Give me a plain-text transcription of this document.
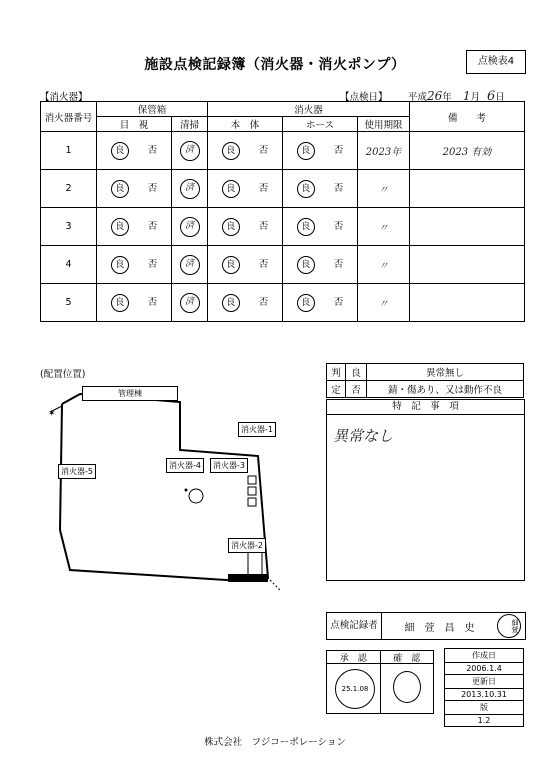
施設点検記録簿（消火器・消火ポンプ）	点検表4
【消火器】	【点検日】 平成26年 1月 6日
消火器番号	保管箱		消火器			備　　考
	目　視	清掃	本　体	ホース	使用期限	
1	良 否	済	良 否	良 否	2023年	2023 有効
2	良 否	済	良 否	良 否	〃	
3	良 否	済	良 否	良 否	〃	
4	良 否	済	良 否	良 否	〃	
5	良 否	済	良 否	良 否	〃	
(配置位置)
✶
管理棟
消火器-1
消火器-4	消火器-3
消火器-5
消火器-2
判	良	異常無し
定	否	錆・傷あり、又は動作不良
特　記　事　項
異常なし
点検記録者	細　萱　昌　史	細萱
承　認	確　認
25.1.08
作成日
2006.1.4
更新日
2013.10.31
版
1.2
株式会社　フジコーポレーション
